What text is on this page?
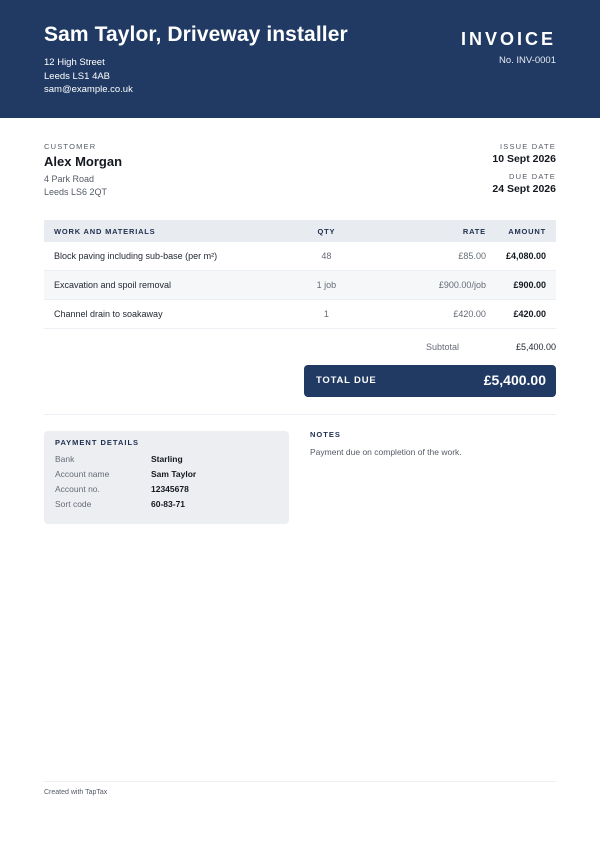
Sam Taylor, Driveway installer
12 High Street
Leeds LS1 4AB
sam@example.co.uk
INVOICE
No. INV-0001
CUSTOMER
Alex Morgan
4 Park Road
Leeds LS6 2QT
ISSUE DATE
10 Sept 2026
DUE DATE
24 Sept 2026
WORK AND MATERIALS	QTY	RATE	AMOUNT
Block paving including sub-base (per m²)	48	£85.00	£4,080.00
Excavation and spoil removal	1 job	£900.00/job	£900.00
Channel drain to soakaway	1	£420.00	£420.00
Subtotal	£5,400.00
TOTAL DUE	£5,400.00
PAYMENT DETAILS
Bank	Starling
Account name	Sam Taylor
Account no.	12345678
Sort code	60-83-71
NOTES
Payment due on completion of the work.
Created with TapTax
